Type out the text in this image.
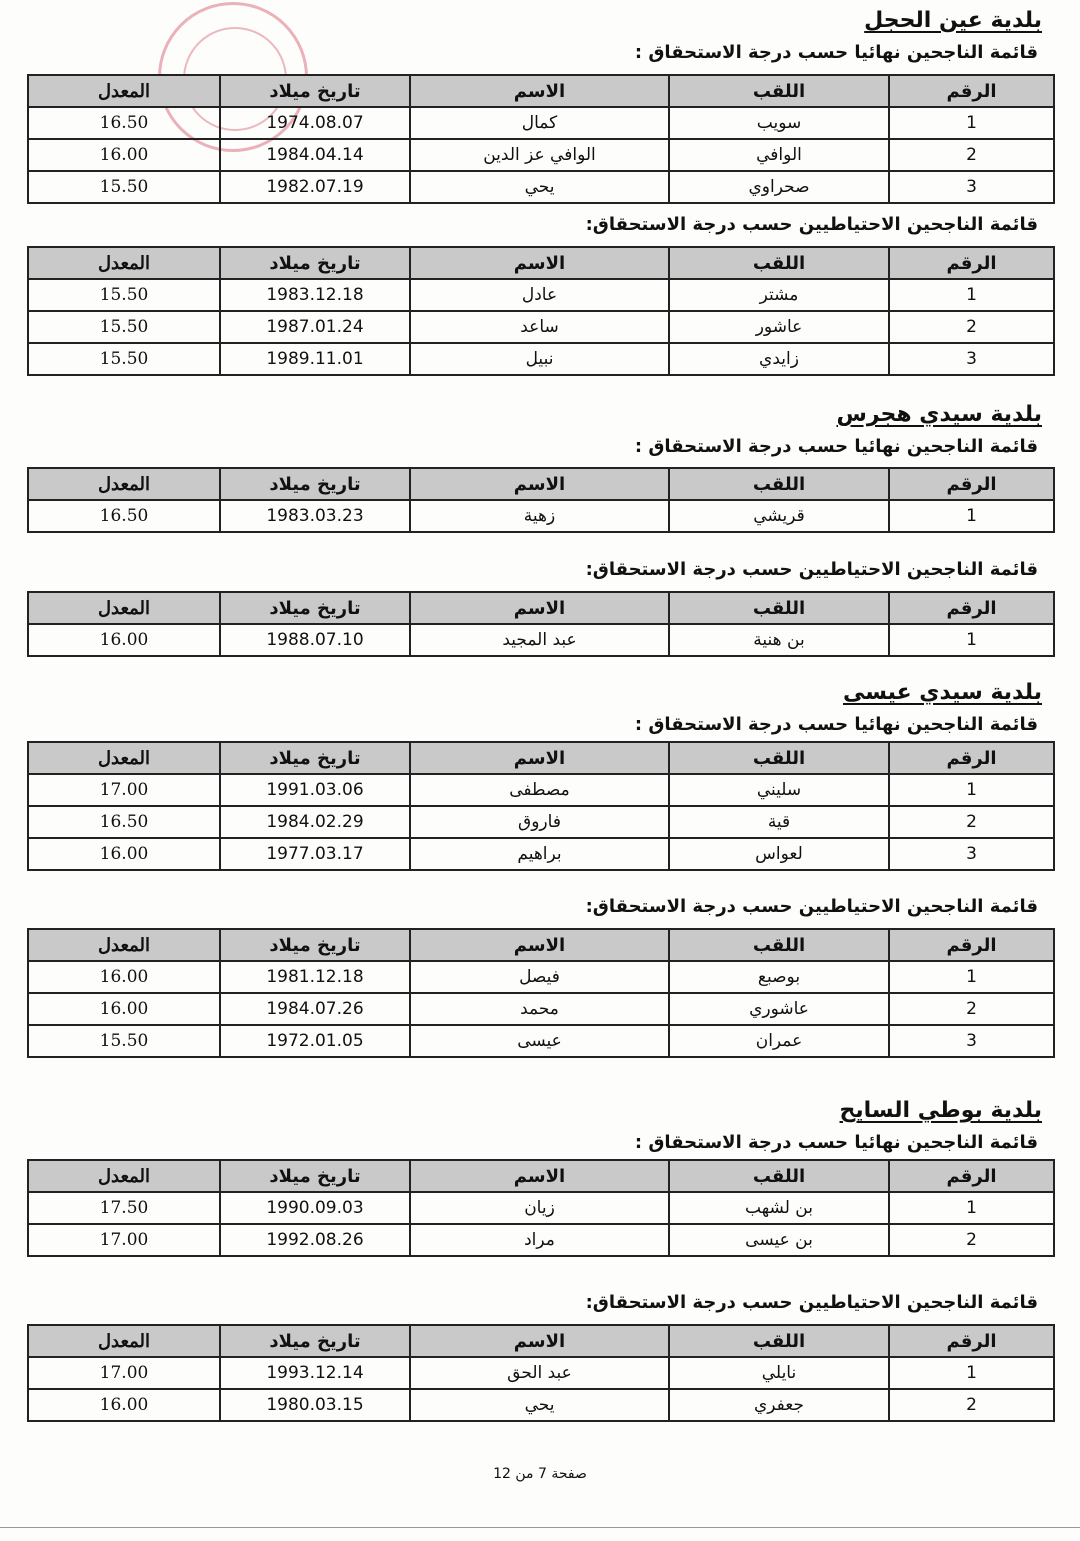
بلدية عين الحجل
قائمة الناجحين نهائيا حسب درجة الاستحقاق :
الرقم	اللقب	الاسم	تاريخ ميلاد	المعدل
1	سويب	كمال	1974.08.07	16.50
2	الوافي	الوافي عز الدين	1984.04.14	16.00
3	صحراوي	يحي	1982.07.19	15.50
قائمة الناجحين الاحتياطيين حسب درجة الاستحقاق:
الرقم	اللقب	الاسم	تاريخ ميلاد	المعدل
1	مشتر	عادل	1983.12.18	15.50
2	عاشور	ساعد	1987.01.24	15.50
3	زايدي	نبيل	1989.11.01	15.50
بلدية سيدي هجرس
قائمة الناجحين نهائيا حسب درجة الاستحقاق :
الرقم	اللقب	الاسم	تاريخ ميلاد	المعدل
1	قريشي	زهية	1983.03.23	16.50
قائمة الناجحين الاحتياطيين حسب درجة الاستحقاق:
الرقم	اللقب	الاسم	تاريخ ميلاد	المعدل
1	بن هنية	عبد المجيد	1988.07.10	16.00
بلدية سيدي عيسى
قائمة الناجحين نهائيا حسب درجة الاستحقاق :
الرقم	اللقب	الاسم	تاريخ ميلاد	المعدل
1	سليني	مصطفى	1991.03.06	17.00
2	قية	فاروق	1984.02.29	16.50
3	لعواس	براهيم	1977.03.17	16.00
قائمة الناجحين الاحتياطيين حسب درجة الاستحقاق:
الرقم	اللقب	الاسم	تاريخ ميلاد	المعدل
1	بوصبع	فيصل	1981.12.18	16.00
2	عاشوري	محمد	1984.07.26	16.00
3	عمران	عيسى	1972.01.05	15.50
بلدية بوطي السايح
قائمة الناجحين نهائيا حسب درجة الاستحقاق :
الرقم	اللقب	الاسم	تاريخ ميلاد	المعدل
1	بن لشهب	زيان	1990.09.03	17.50
2	بن عيسى	مراد	1992.08.26	17.00
قائمة الناجحين الاحتياطيين حسب درجة الاستحقاق:
الرقم	اللقب	الاسم	تاريخ ميلاد	المعدل
1	نايلي	عبد الحق	1993.12.14	17.00
2	جعفري	يحي	1980.03.15	16.00
صفحة 7 من 12
